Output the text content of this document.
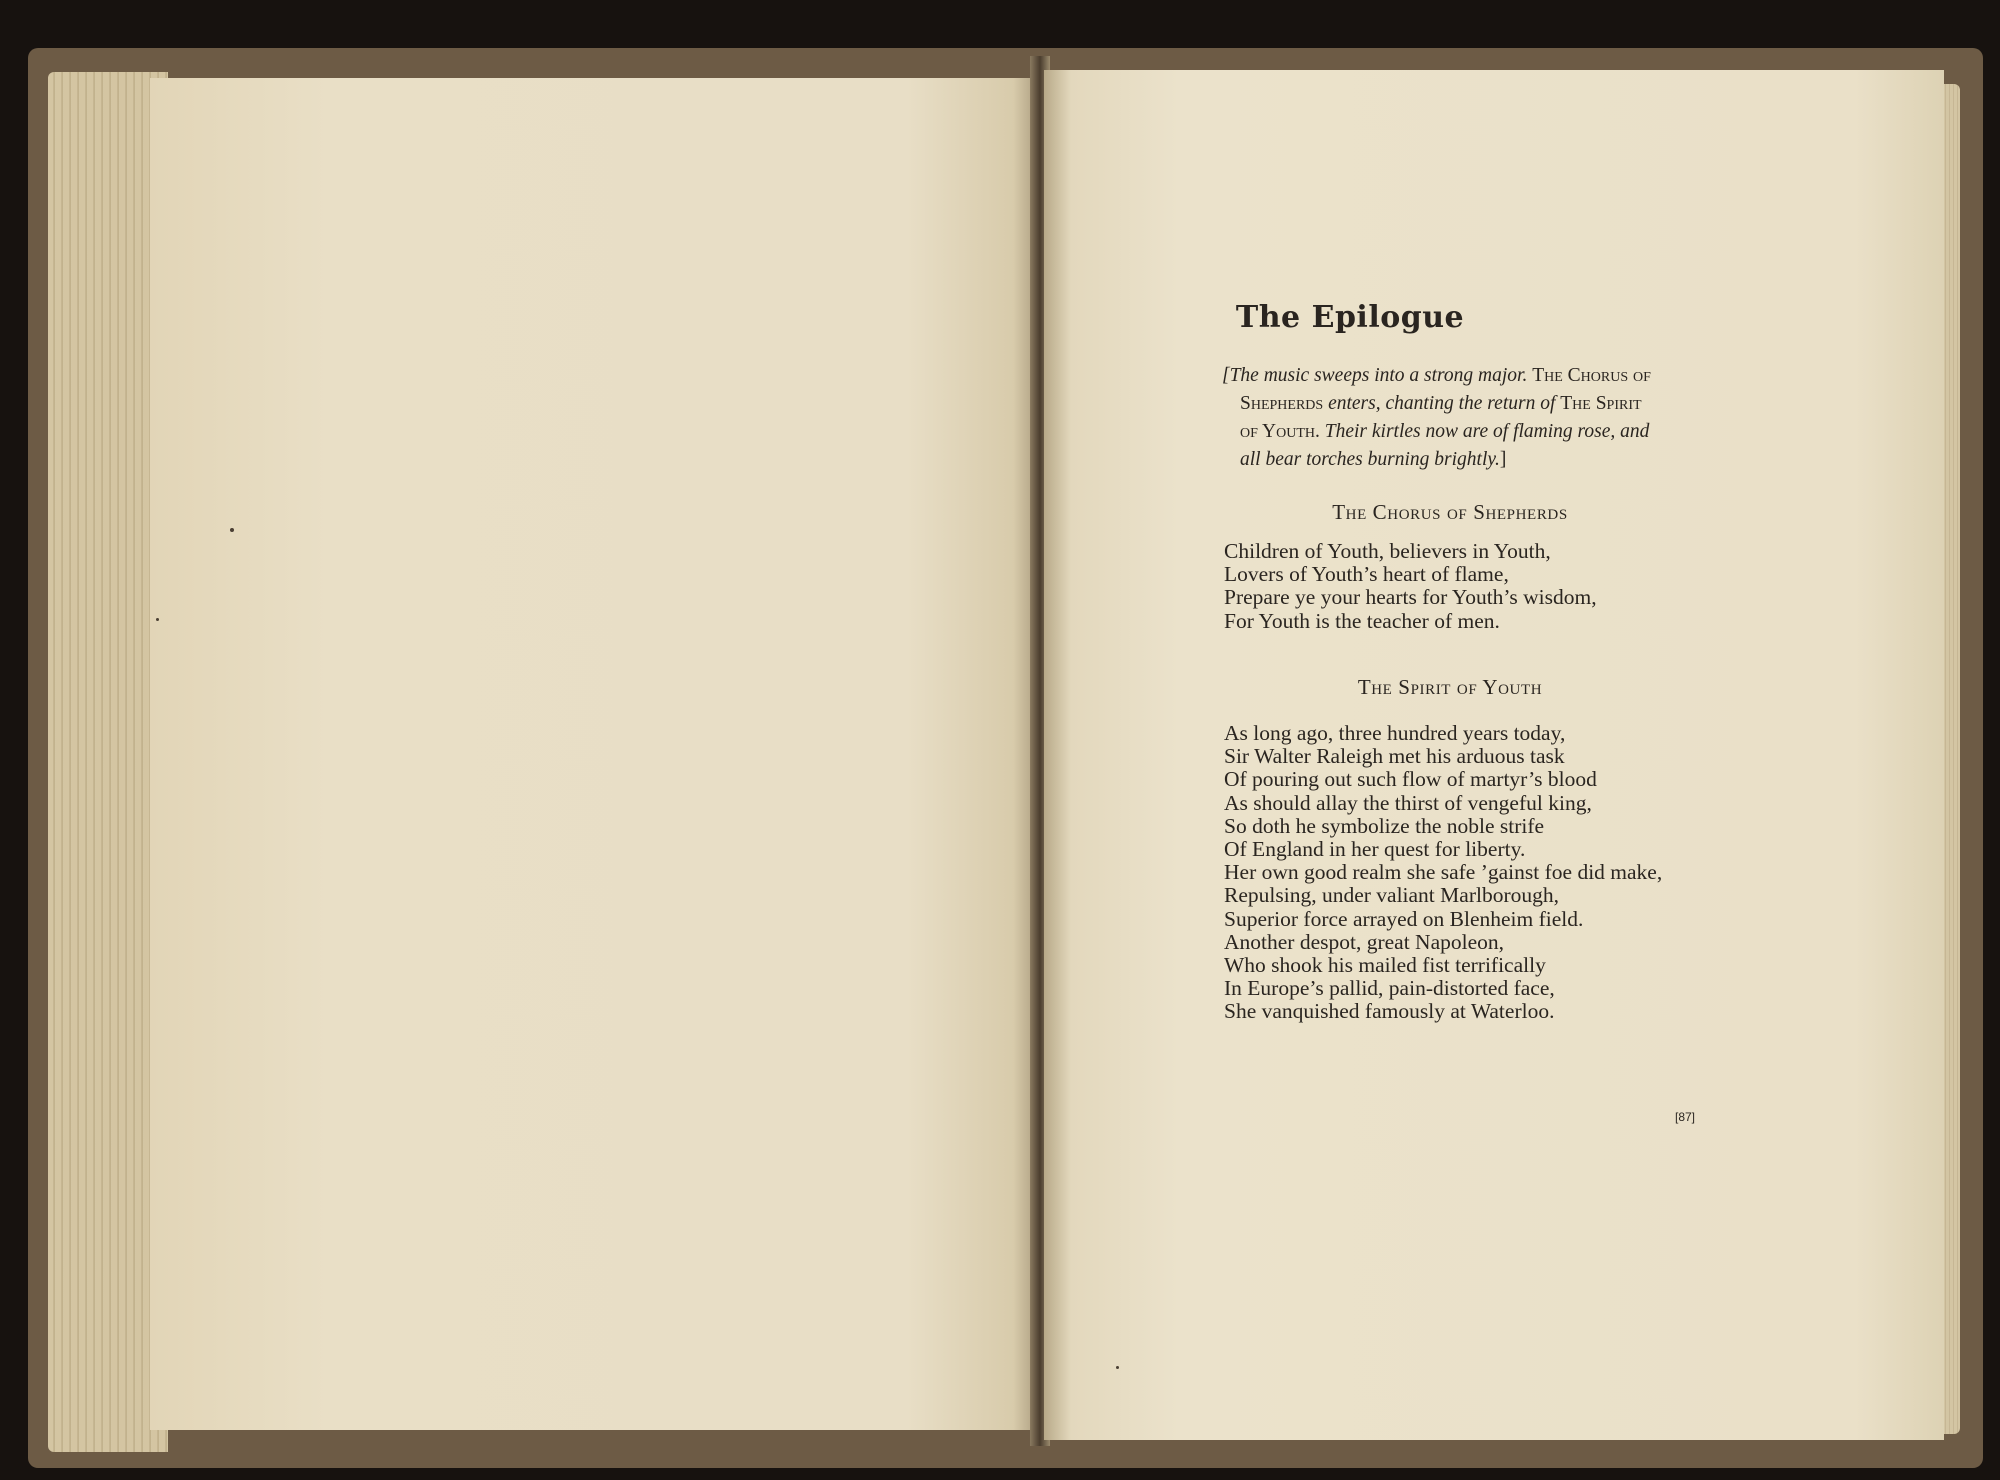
The Epilogue
[The music sweeps into a strong major. The Chorus of
Shepherds enters, chanting the return of The Spirit
of Youth. Their kirtles now are of flaming rose, and
all bear torches burning brightly.]
The Chorus of Shepherds
Children of Youth, believers in Youth,
Lovers of Youth’s heart of flame,
Prepare ye your hearts for Youth’s wisdom,
For Youth is the teacher of men.
The Spirit of Youth
As long ago, three hundred years today,
Sir Walter Raleigh met his arduous task
Of pouring out such flow of martyr’s blood
As should allay the thirst of vengeful king,
So doth he symbolize the noble strife
Of England in her quest for liberty.
Her own good realm she safe ’gainst foe did make,
Repulsing, under valiant Marlborough,
Superior force arrayed on Blenheim field.
Another despot, great Napoleon,
Who shook his mailed fist terrifically
In Europe’s pallid, pain-distorted face,
She vanquished famously at Waterloo.
[87]
